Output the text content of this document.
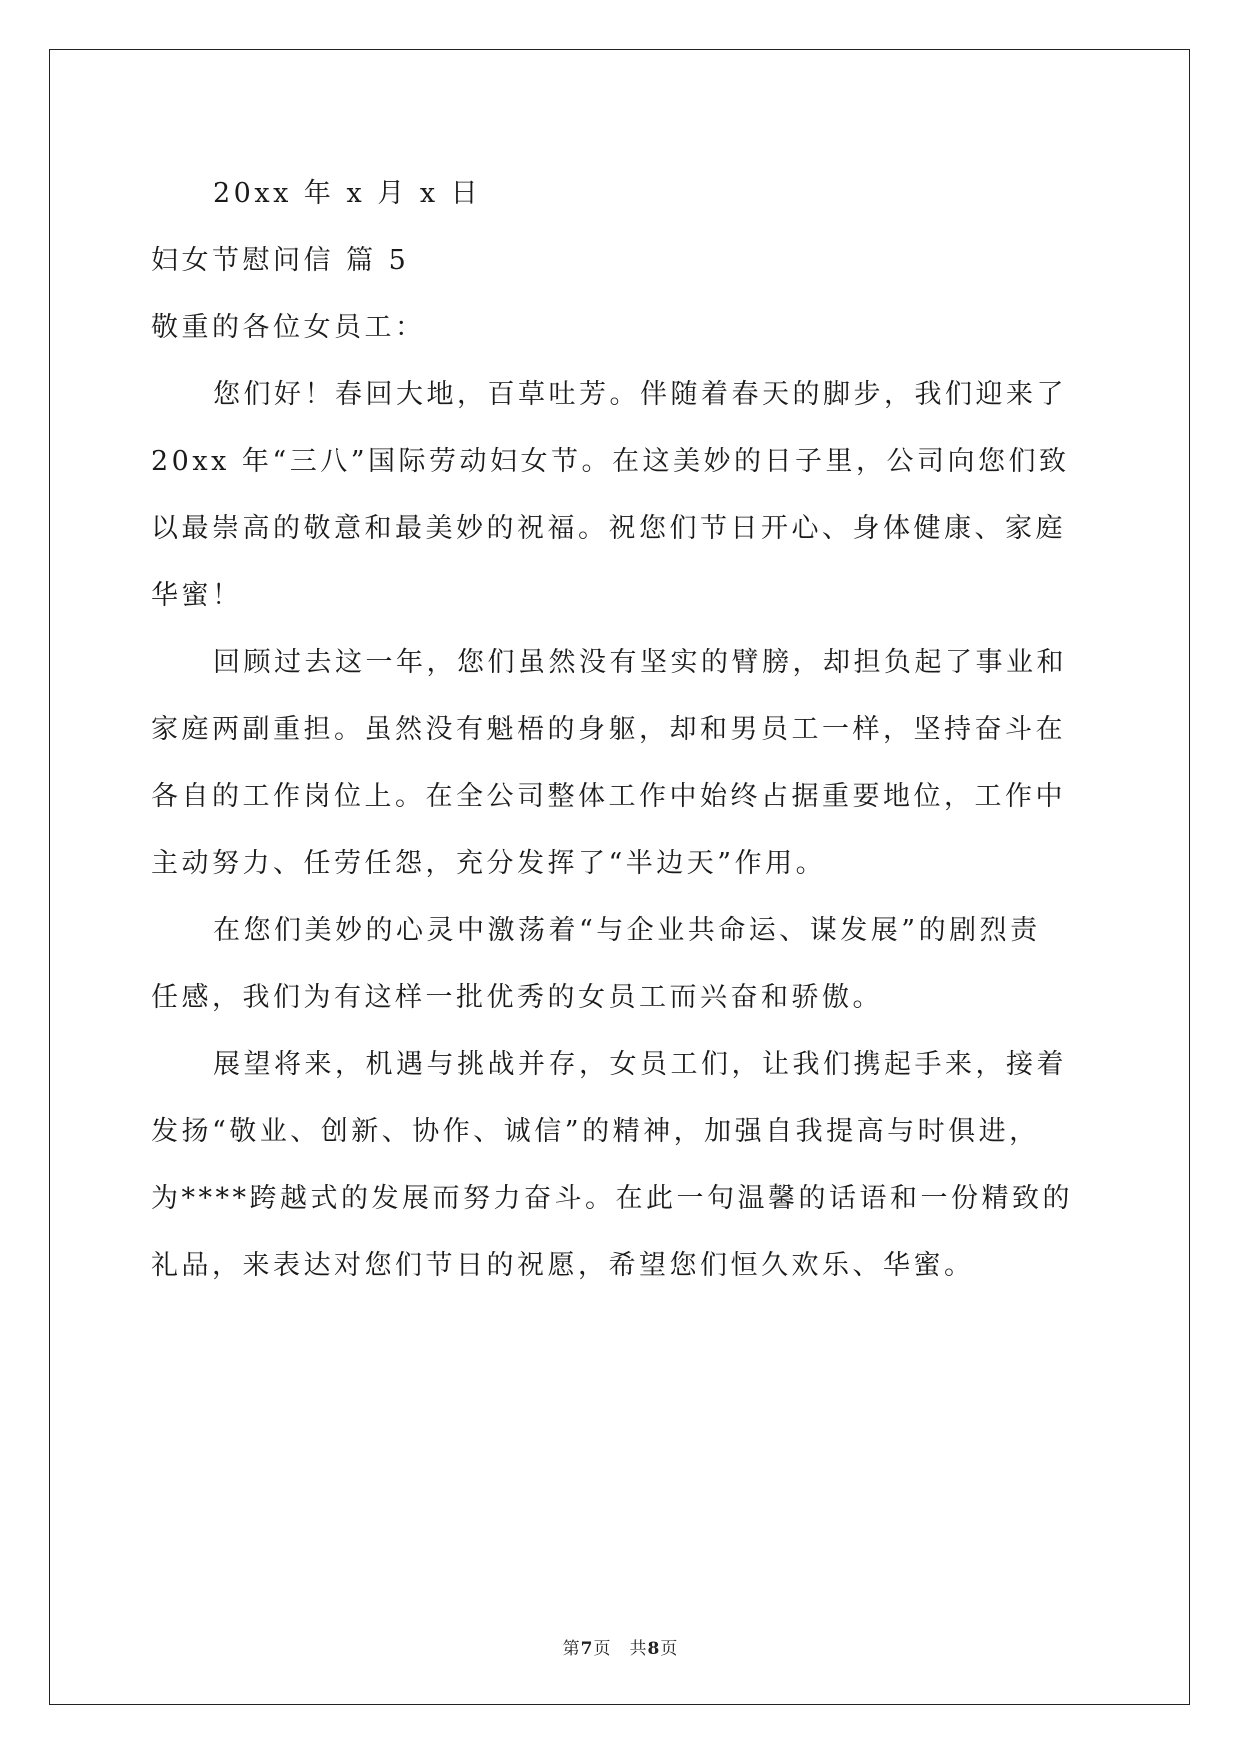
20xx 年 x 月 x 日
妇女节慰问信 篇 5
敬重的各位女员工：
您们好！春回大地，百草吐芳。伴随着春天的脚步，我们迎来了
20xx 年“三八”国际劳动妇女节。在这美妙的日子里，公司向您们致
以最崇高的敬意和最美妙的祝福。祝您们节日开心、身体健康、家庭
华蜜！
回顾过去这一年，您们虽然没有坚实的臂膀，却担负起了事业和
家庭两副重担。虽然没有魁梧的身躯，却和男员工一样，坚持奋斗在
各自的工作岗位上。在全公司整体工作中始终占据重要地位，工作中
主动努力、任劳任怨，充分发挥了“半边天”作用。
在您们美妙的心灵中激荡着“与企业共命运、谋发展”的剧烈责
任感，我们为有这样一批优秀的女员工而兴奋和骄傲。
展望将来，机遇与挑战并存，女员工们，让我们携起手来，接着
发扬“敬业、创新、协作、诚信”的精神，加强自我提高与时俱进，
为****跨越式的发展而努力奋斗。在此一句温馨的话语和一份精致的
礼品，来表达对您们节日的祝愿，希望您们恒久欢乐、华蜜。
第7页 共8页
